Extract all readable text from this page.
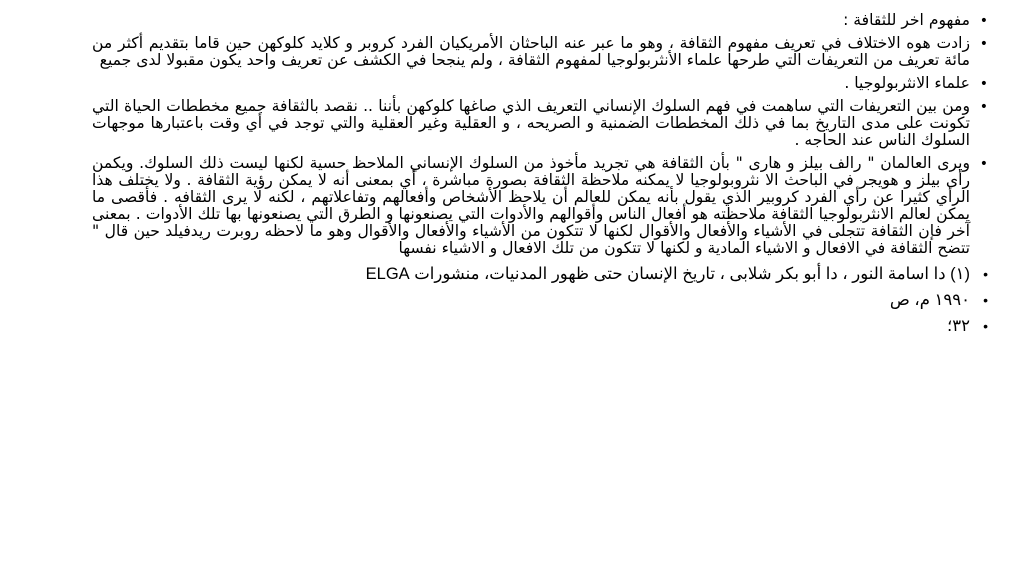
•
مفهوم اخر للثقافة :
•
زادت هوه الاختلاف في تعريف مفهوم الثقافة ، وهو ما عبر عنه الباحثان الأمريكيان الفرد كروبر و كلايد كلوكهن حين قاما بتقديم أكثر من مائة تعريف من التعريفات التي طرحها علماء الأنثربولوجيا لمفهوم الثقافة ، ولم ينجحا في الكشف عن تعريف واحد يكون مقبولا لدى جميع
•
علماء الانثربولوجيا .
•
ومن بين التعريفات التي ساهمت في فهم السلوك الإنساني التعريف الذي صاغها كلوكهن بأننا .. نقصد بالثقافة جميع مخططات الحياة التي تكونت على مدى التاريخ بما في ذلك المخططات الضمنية و الصريحه ، و العقلية وغير العقلية والتي توجد في أي وقت باعتبارها موجهات السلوك الناس عند الحاجه .
•
ويرى العالمان " رالف بيلز و هارى " بأن الثقافة هي تجريد مأخوذ من السلوك الإنساني الملاحظ حسية لكنها ليست ذلك السلوك. ويكمن رأى بيلز و هويجر في الباحث الا نثروبولوجيا لا يمكنه ملاحظة الثقافة بصورة مباشرة ، أي بمعنى أنه لا يمكن رؤية الثقافة . ولا يختلف هذا الرأي كثيرا عن رأي الفرد كروبير الذي يقول بأنه يمكن للعالم أن يلاحظ الأشخاص وأفعالهم وتفاعلاتهم ، لكنه لا يرى الثقافه . فأقصى ما يمكن لعالم الانثربولوجيا الثقافة ملاحظته هو أفعال الناس وأقوالهم والأدوات التي يصنعونها و الطرق التي يصنعونها بها تلك الأدوات . بمعنى آخر فإن الثقافة تتجلى في الأشياء والأفعال والأقوال لكنها لا تتكون من الأشياء والأفعال والأقوال وهو ما لاحظه روبرت ريدفيلد حين قال " تتضح الثقافة في الافعال و الاشياء المادية و لكنها لا تتكون من تلك الافعال و الاشياء نفسها
•
(١) دا اسامة النور ، دا أبو بكر شلابى ، تاريخ الإنسان حتى ظهور المدنيات، منشورات ELGA
•
١٩٩٠ م، ص
•
٣٢؛
